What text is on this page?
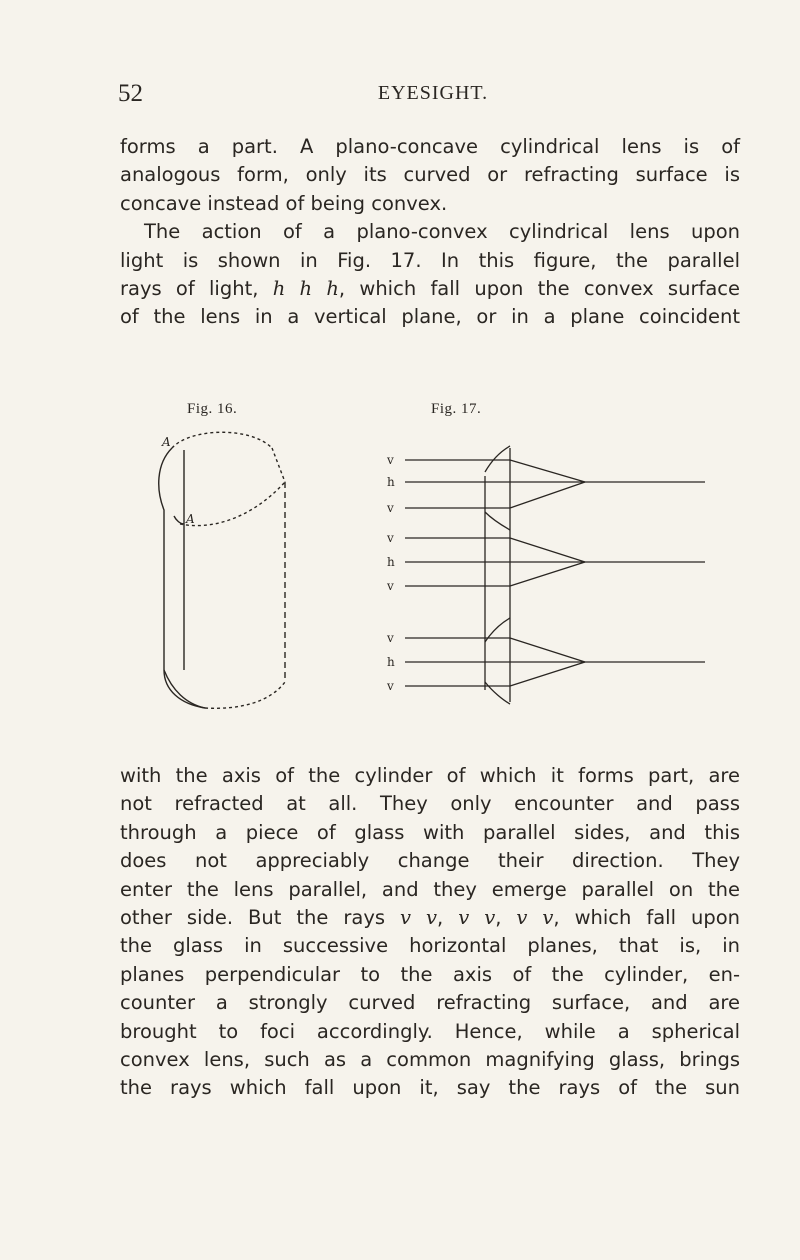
52	EYESIGHT.
forms a part. A plano-concave cylindrical lens is of
analogous form, only its curved or refracting surface is
concave instead of being convex.
The action of a plano-convex cylindrical lens upon
light is shown in Fig. 17. In this figure, the parallel
rays of light, h h h, which fall upon the convex surface
of the lens in a vertical plane, or in a plane coincident
Fig. 16.	Fig. 17.
A
A
v
h
v
v
h
v
v
h
v
with the axis of the cylinder of which it forms part, are
not refracted at all. They only encounter and pass
through a piece of glass with parallel sides, and this
does not appreciably change their direction. They
enter the lens parallel, and they emerge parallel on the
other side. But the rays v v, v v, v v, which fall upon
the glass in successive horizontal planes, that is, in
planes perpendicular to the axis of the cylinder, en-
counter a strongly curved refracting surface, and are
brought to foci accordingly. Hence, while a spherical
convex lens, such as a common magnifying glass, brings
the rays which fall upon it, say the rays of the sun
